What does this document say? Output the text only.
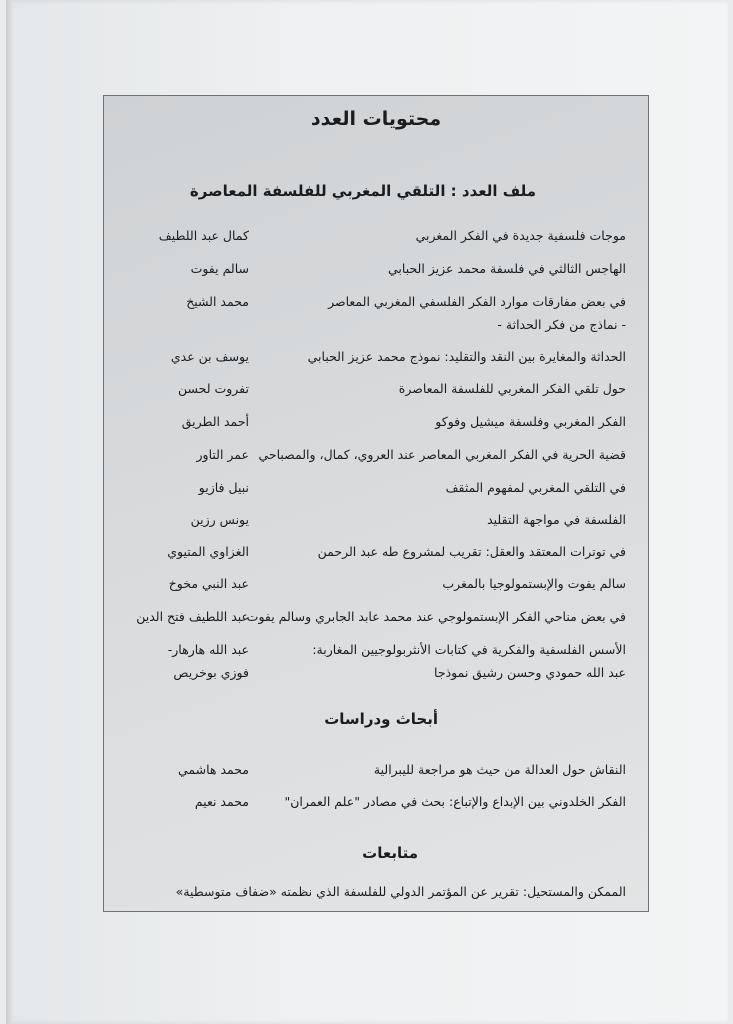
محتويات العدد
ملف العدد : التلقي المغربي للفلسفة المعاصرة
موجات فلسفية جديدة في الفكر المغربي
كمال عبد اللطيف
الهاجس الثالثي في فلسفة محمد عزيز الحبابي
سالم يفوت
في بعض مفارقات موارد الفكر الفلسفي المغربي المعاصر
- نماذج من فكر الحداثة -
محمد الشيخ
الحداثة والمغايرة بين النقد والتقليد: نموذج محمد عزيز الحبابي
يوسف بن عدي
حول تلقي الفكر المغربي للفلسفة المعاصرة
تفروت لحسن
الفكر المغربي وفلسفة ميشيل وفوكو
أحمد الطريق
قضية الحرية في الفكر المغربي المعاصر عند العروي، كمال، والمصباحي
عمر التاور
في التلقي المغربي لمفهوم المثقف
نبيل فازيو
الفلسفة في مواجهة التقليد
يونس رزين
في توترات المعتقد والعقل: تقريب لمشروع طه عبد الرحمن
الغزاوي المتيوي
سالم يفوت والإبستمولوجيا بالمغرب
عبد النبي مخوخ
في بعض مناحي الفكر الإبستمولوجي عند محمد عابد الجابري وسالم يفوت
عبد اللطيف فتح الدين
الأسس الفلسفية والفكرية في كتابات الأنثربولوجيين المغاربة:
عبد الله حمودي وحسن رشيق نموذجا
عبد الله هارهار-
فوزي بوخريص
أبحاث ودراسات
النقاش حول العدالة من حيث هو مراجعة لليبرالية
محمد هاشمي
الفكر الخلدوني بين الإبداع والإتباع: بحث في مصادر "علم العمران"
محمد نعيم
متابعات
الممكن والمستحيل: تقرير عن المؤتمر الدولي للفلسفة الذي نظمته «ضفاف متوسطية»
